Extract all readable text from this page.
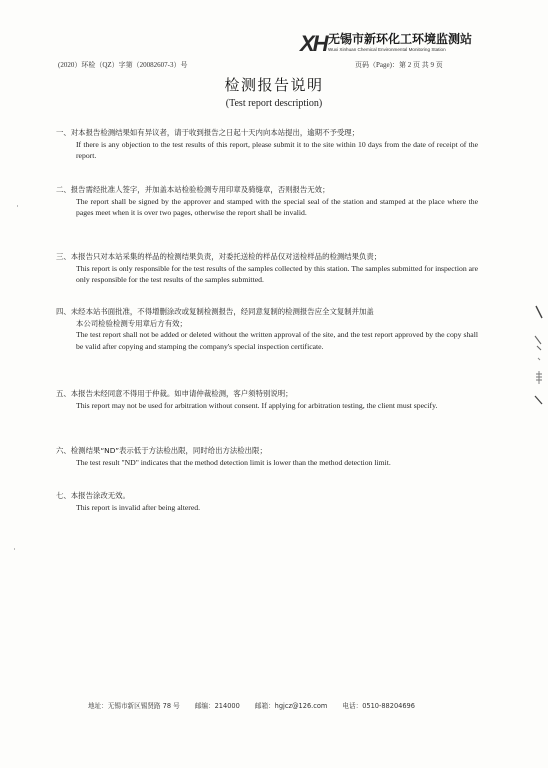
XH 无锡市新环化工环境监测站
Wuxi Xinhuan Chemical Environmental Monitoring Station
(2020）环检（QZ）字第（20082607-3）号	页码（Page)：第 2 页 共 9 页
检测报告说明
(Test report description)
一、对本报告检测结果如有异议者，请于收到报告之日起十天内向本站提出，逾期不予受理；
If there is any objection to the test results of this report, please submit it to the site within 10 days from the date of receipt of the report.
二、报告需经批准人签字，并加盖本站检验检测专用印章及骑缝章，否则报告无效；
The report shall be signed by the approver and stamped with the special seal of the station and stamped at the place where the pages meet when it is over two pages, otherwise the report shall be invalid.
三、本报告只对本站采集的样品的检测结果负责，对委托送检的样品仅对送检样品的检测结果负责；
This report is only responsible for the test results of the samples collected by this station. The samples submitted for inspection are only responsible for the test results of the samples submitted.
四、未经本站书面批准，不得增删涂改或复制检测报告，经同意复制的检测报告应全文复制并加盖
本公司检验检测专用章后方有效；
The test report shall not be added or deleted without the written approval of the site, and the test report approved by the copy shall be valid after copying and stamping the company's special inspection certificate.
五、本报告未经同意不得用于仲裁。如申请仲裁检测，客户须特别说明；
This report may not be used for arbitration without consent. If applying for arbitration testing, the client must specify.
六、检测结果“ND”表示低于方法检出限，同时给出方法检出限；
The test result "ND" indicates that the method detection limit is lower than the method detection limit.
七、本报告涂改无效。
This report is invalid after being altered.
地址：无锡市新区锡贤路 78 号 邮编：214000 邮箱：hgjcz@126.com 电话：0510-88204696
